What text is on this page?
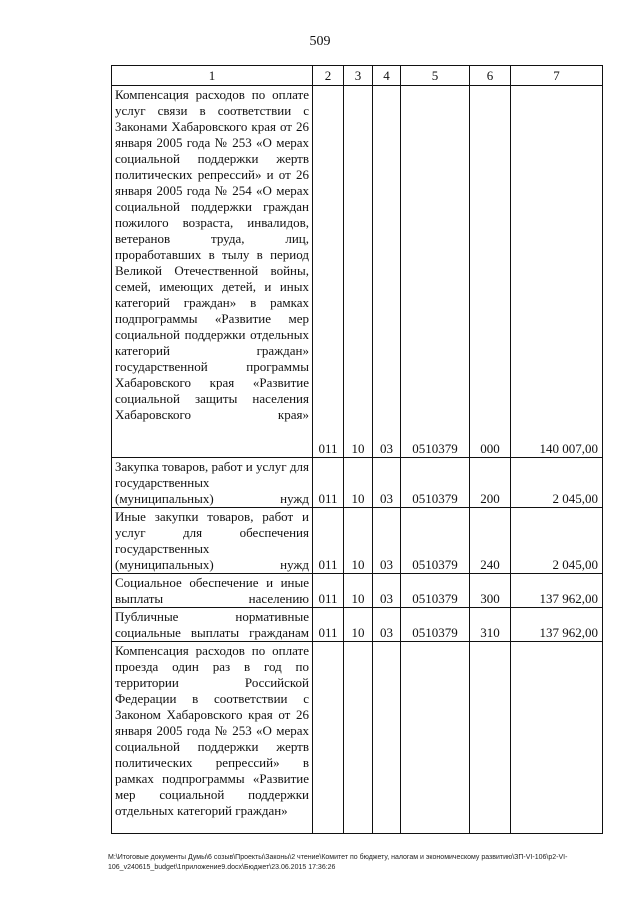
509
1	2	3	4	5	6	7
Компенсация расходов по оплате услуг связи в соответствии с Законами Хабаровского края от 26 января 2005 года № 253 «О мерах социальной поддержки жертв политических репрессий» и от 26 января 2005 года № 254 «О мерах социальной поддержки граждан пожилого возраста, инвалидов, ветеранов труда, лиц, проработавших в тылу в период Великой Отечественной войны, семей, имеющих детей, и иных категорий граждан» в рамках подпрограммы «Развитие мер социальной поддержки отдельных категорий граждан» государственной программы Хабаровского края «Развитие социальной защиты населения Хабаровского края»	011	10	03	0510379	000	140 007,00
Закупка товаров, работ и услуг для государственных (муниципальных) нужд	011	10	03	0510379	200	2 045,00
Иные закупки товаров, работ и услуг для обеспечения государственных (муниципальных) нужд	011	10	03	0510379	240	2 045,00
Социальное обеспечение и иные выплаты населению	011	10	03	0510379	300	137 962,00
Публичные нормативные социальные выплаты гражданам	011	10	03	0510379	310	137 962,00
Компенсация расходов по оплате проезда один раз в год по территории Российской Федерации в соответствии с Законом Хабаровского края от 26 января 2005 года № 253 «О мерах социальной поддержки жертв политических репрессий» в рамках подпрограммы «Развитие мер социальной поддержки отдельных категорий граждан»						
M:\Итоговые документы Думы\6 созыв\Проекты\Законы\2 чтение\Комитет по бюджету, налогам и экономическому развитию\ЗП-VI-106\р2-VI-106_v240615_budget\1приложение9.docx\Бюджет\23.06.2015 17:36:26
